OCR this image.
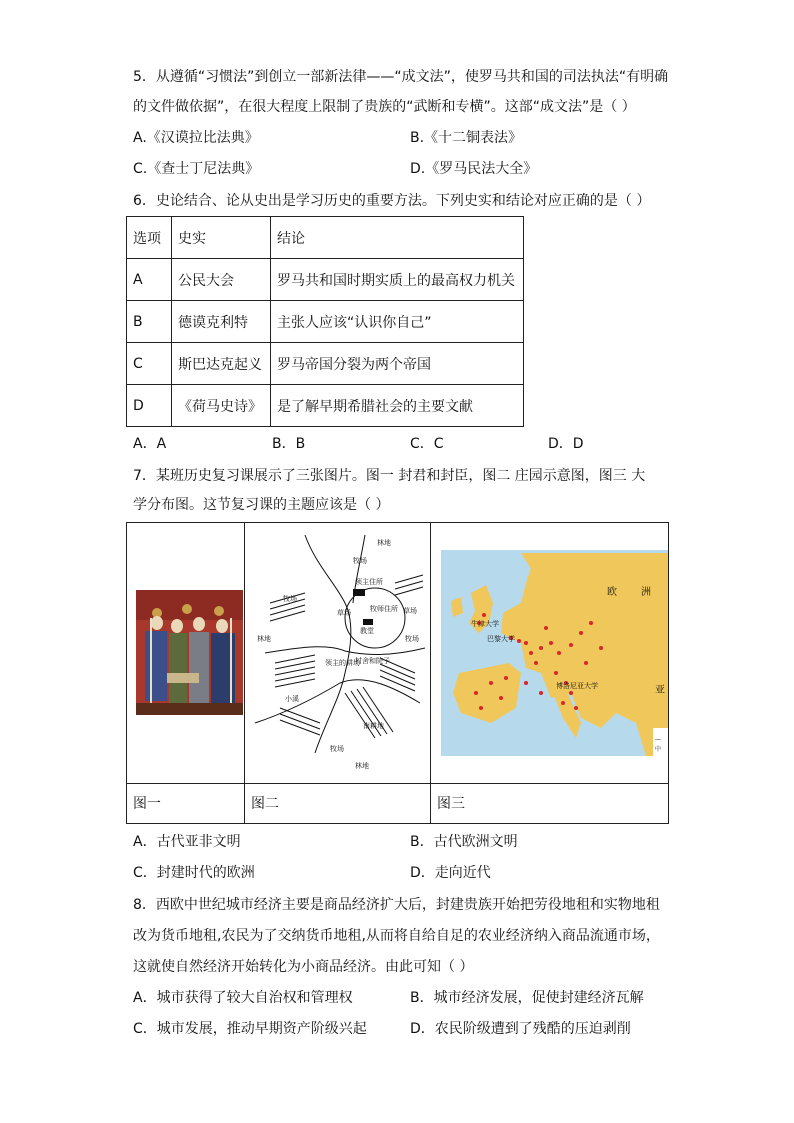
5．从遵循“习惯法”到创立一部新法律——“成文法”，使罗马共和国的司法执法“有明确
的文件做依据”，在很大程度上限制了贵族的“武断和专横”。这部“成文法”是（ ）
A.《汉谟拉比法典》	B.《十二铜表法》
C.《查士丁尼法典》	D.《罗马民法大全》
6．史论结合、论从史出是学习历史的重要方法。下列史实和结论对应正确的是（ ）
选项	史实	结论
A	公民大会	罗马共和国时期实质上的最高权力机关
B	德谟克利特	主张人应该“认识你自己”
C	斯巴达克起义	罗马帝国分裂为两个帝国
D	《荷马史诗》	是了解早期希腊社会的主要文献
A．A	B．B	C．C	D．D
7．某班历史复习课展示了三张图片。图一 封君和封臣，图二 庄园示意图，图三 大
学分布图。这节复习课的主题应该是（ ）
林地
牧场
领主住所
牧师住所
教堂
草场	草场
牧场
牧场
林地
领主的耕场
村舍和院子
小溪
南耕地
牧场
林地
欧 洲
牛津大学
巴黎大学
博洛尼亚大学	亚
—
中
图一	图二	图三
A．古代亚非文明	B．古代欧洲文明
C．封建时代的欧洲	D．走向近代
8．西欧中世纪城市经济主要是商品经济扩大后，封建贵族开始把劳役地租和实物地租
改为货币地租,农民为了交纳货币地租,从而将自给自足的农业经济纳入商品流通市场，
这就使自然经济开始转化为小商品经济。由此可知（ ）
A．城市获得了较大自治权和管理权	B．城市经济发展，促使封建经济瓦解
C．城市发展，推动早期资产阶级兴起	D．农民阶级遭到了残酷的压迫剥削
